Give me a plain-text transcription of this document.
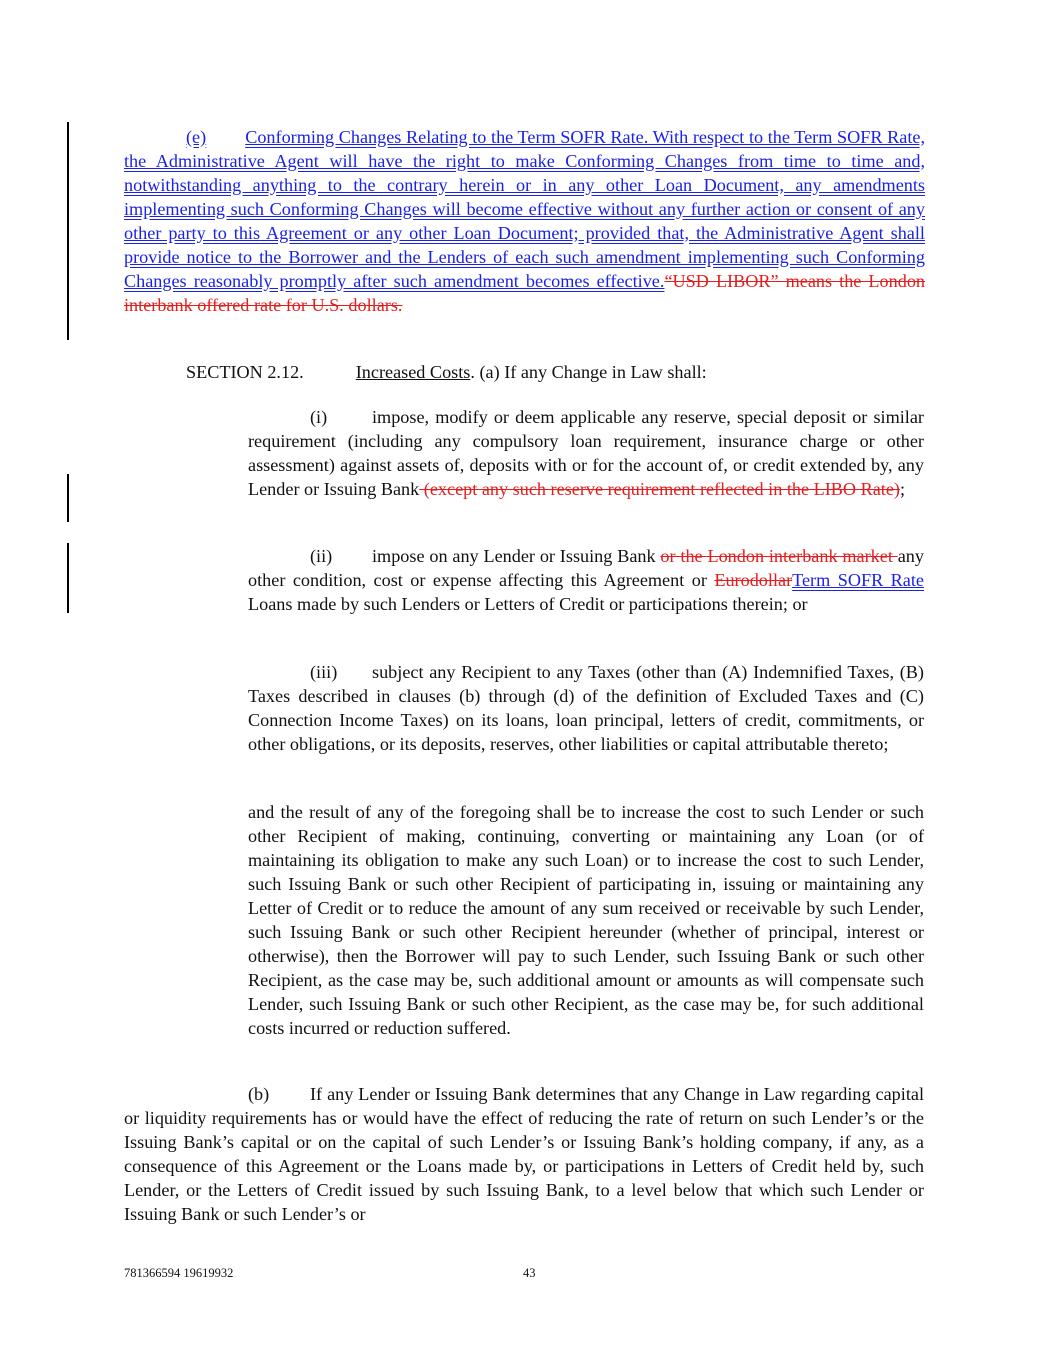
(e) Conforming Changes Relating to the Term SOFR Rate. With respect to the Term SOFR Rate, the Administrative Agent will have the right to make Conforming Changes from time to time and, notwithstanding anything to the contrary herein or in any other Loan Document, any amendments implementing such Conforming Changes will become effective without any further action or consent of any other party to this Agreement or any other Loan Document; provided that, the Administrative Agent shall provide notice to the Borrower and the Lenders of each such amendment implementing such Conforming Changes reasonably promptly after such amendment becomes effective.“USD LIBOR” means the London interbank offered rate for U.S. dollars.
SECTION 2.12.	Increased Costs. (a) If any Change in Law shall:
(i) impose, modify or deem applicable any reserve, special deposit or similar requirement (including any compulsory loan requirement, insurance charge or other assessment) against assets of, deposits with or for the account of, or credit extended by, any Lender or Issuing Bank (except any such reserve requirement reflected in the LIBO Rate);
(ii) impose on any Lender or Issuing Bank or the London interbank market any other condition, cost or expense affecting this Agreement or EurodollarTerm SOFR Rate Loans made by such Lenders or Letters of Credit or participations therein; or
(iii) subject any Recipient to any Taxes (other than (A) Indemnified Taxes, (B) Taxes described in clauses (b) through (d) of the definition of Excluded Taxes and (C) Connection Income Taxes) on its loans, loan principal, letters of credit, commitments, or other obligations, or its deposits, reserves, other liabilities or capital attributable thereto;
and the result of any of the foregoing shall be to increase the cost to such Lender or such other Recipient of making, continuing, converting or maintaining any Loan (or of maintaining its obligation to make any such Loan) or to increase the cost to such Lender, such Issuing Bank or such other Recipient of participating in, issuing or maintaining any Letter of Credit or to reduce the amount of any sum received or receivable by such Lender, such Issuing Bank or such other Recipient hereunder (whether of principal, interest or otherwise), then the Borrower will pay to such Lender, such Issuing Bank or such other Recipient, as the case may be, such additional amount or amounts as will compensate such Lender, such Issuing Bank or such other Recipient, as the case may be, for such additional costs incurred or reduction suffered.
(b) If any Lender or Issuing Bank determines that any Change in Law regarding capital or liquidity requirements has or would have the effect of reducing the rate of return on such Lender’s or the Issuing Bank’s capital or on the capital of such Lender’s or Issuing Bank’s holding company, if any, as a consequence of this Agreement or the Loans made by, or participations in Letters of Credit held by, such Lender, or the Letters of Credit issued by such Issuing Bank, to a level below that which such Lender or Issuing Bank or such Lender’s or
781366594 19619932	43
